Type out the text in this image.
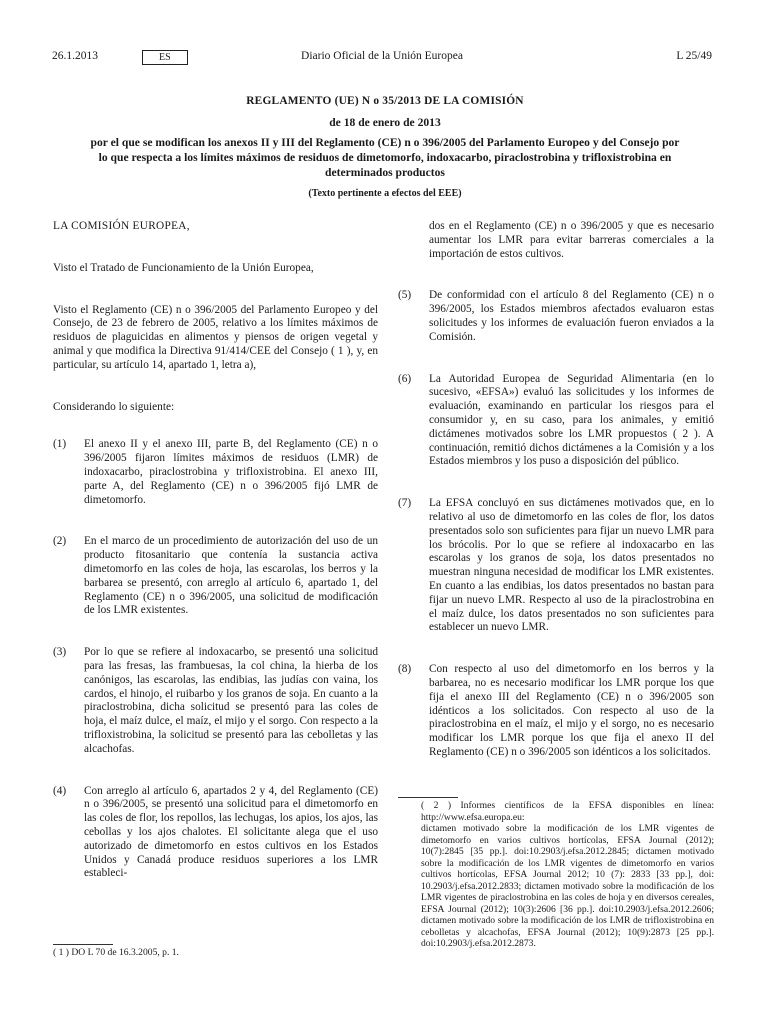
26.1.2013	ES	Diario Oficial de la Unión Europea	L 25/49
REGLAMENTO (UE) N o 35/2013 DE LA COMISIÓN
de 18 de enero de 2013
por el que se modifican los anexos II y III del Reglamento (CE) n o 396/2005 del Parlamento Europeo y del Consejo por lo que respecta a los límites máximos de residuos de dimetomorfo, indoxacarbo, piraclostrobina y trifloxistrobina en determinados productos
(Texto pertinente a efectos del EEE)

LA COMISIÓN EUROPEA,

Visto el Tratado de Funcionamiento de la Unión Europea,

Visto el Reglamento (CE) n o 396/2005 del Parlamento Europeo y del Consejo, de 23 de febrero de 2005, relativo a los límites máximos de residuos de plaguicidas en alimentos y piensos de origen vegetal y animal y que modifica la Directiva 91/414/CEE del Consejo ( 1 ), y, en particular, su artículo 14, apartado 1, letra a),

Considerando lo siguiente:

(1) El anexo II y el anexo III, parte B, del Reglamento (CE) n o 396/2005 fijaron límites máximos de residuos (LMR) de indoxacarbo, piraclostrobina y trifloxistrobina. El anexo III, parte A, del Reglamento (CE) n o 396/2005 fijó LMR de dimetomorfo.
(2) En el marco de un procedimiento de autorización del uso de un producto fitosanitario que contenía la sustancia activa dimetomorfo en las coles de hoja, las escarolas, los berros y la barbarea se presentó, con arreglo al artículo 6, apartado 1, del Reglamento (CE) n o 396/2005, una solicitud de modificación de los LMR existentes.
(3) Por lo que se refiere al indoxacarbo, se presentó una solicitud para las fresas, las frambuesas, la col china, la hierba de los canónigos, las escarolas, las endibias, las judías con vaina, los cardos, el hinojo, el ruibarbo y los granos de soja. En cuanto a la piraclostrobina, dicha solicitud se presentó para las coles de hoja, el maíz dulce, el maíz, el mijo y el sorgo. Con respecto a la trifloxistrobina, la solicitud se presentó para las cebolletas y las alcachofas.
(4) Con arreglo al artículo 6, apartados 2 y 4, del Reglamento (CE) n o 396/2005, se presentó una solicitud para el dimetomorfo en las coles de flor, los repollos, las lechugas, los apios, los ajos, las cebollas y los ajos chalotes. El solicitante alega que el uso autorizado de dimetomorfo en estos cultivos en los Estados Unidos y Canadá produce residuos superiores a los LMR estableci-
dos en el Reglamento (CE) n o 396/2005 y que es necesario aumentar los LMR para evitar barreras comerciales a la importación de estos cultivos.
(5) De conformidad con el artículo 8 del Reglamento (CE) n o 396/2005, los Estados miembros afectados evaluaron estas solicitudes y los informes de evaluación fueron enviados a la Comisión.
(6) La Autoridad Europea de Seguridad Alimentaria (en lo sucesivo, «EFSA») evaluó las solicitudes y los informes de evaluación, examinando en particular los riesgos para el consumidor y, en su caso, para los animales, y emitió dictámenes motivados sobre los LMR propuestos ( 2 ). A continuación, remitió dichos dictámenes a la Comisión y a los Estados miembros y los puso a disposición del público.
(7) La EFSA concluyó en sus dictámenes motivados que, en lo relativo al uso de dimetomorfo en las coles de flor, los datos presentados solo son suficientes para fijar un nuevo LMR para los brócolis. Por lo que se refiere al indoxacarbo en las escarolas y los granos de soja, los datos presentados no muestran ninguna necesidad de modificar los LMR existentes. En cuanto a las endibias, los datos presentados no bastan para fijar un nuevo LMR. Respecto al uso de la piraclostrobina en el maíz dulce, los datos presentados no son suficientes para establecer un nuevo LMR.
(8) Con respecto al uso del dimetomorfo en los berros y la barbarea, no es necesario modificar los LMR porque los que fija el anexo III del Reglamento (CE) n o 396/2005 son idénticos a los solicitados. Con respecto al uso de la piraclostrobina en el maíz, el mijo y el sorgo, no es necesario modificar los LMR porque los que fija el anexo II del Reglamento (CE) n o 396/2005 son idénticos a los solicitados.
( 2 ) Informes científicos de la EFSA disponibles en línea: http://www.efsa.europa.eu:
dictamen motivado sobre la modificación de los LMR vigentes de dimetomorfo en varios cultivos hortícolas, EFSA Journal (2012); 10(7):2845 [35 pp.]. doi:10.2903/j.efsa.2012.2845; dictamen motivado sobre la modificación de los LMR vigentes de dimetomorfo en varios cultivos hortícolas, EFSA Journal 2012; 10 (7): 2833 [33 pp.], doi: 10.2903/j.efsa.2012.2833; dictamen motivado sobre la modificación de los LMR vigentes de piraclostrobina en las coles de hoja y en diversos cereales, EFSA Journal (2012); 10(3):2606 [36 pp.]. doi:10.2903/j.efsa.2012.2606; dictamen motivado sobre la modificación de los LMR de trifloxistrobina en cebolletas y alcachofas, EFSA Journal (2012); 10(9):2873 [25 pp.]. doi:10.2903/j.efsa.2012.2873.
( 1 ) DO L 70 de 16.3.2005, p. 1.
